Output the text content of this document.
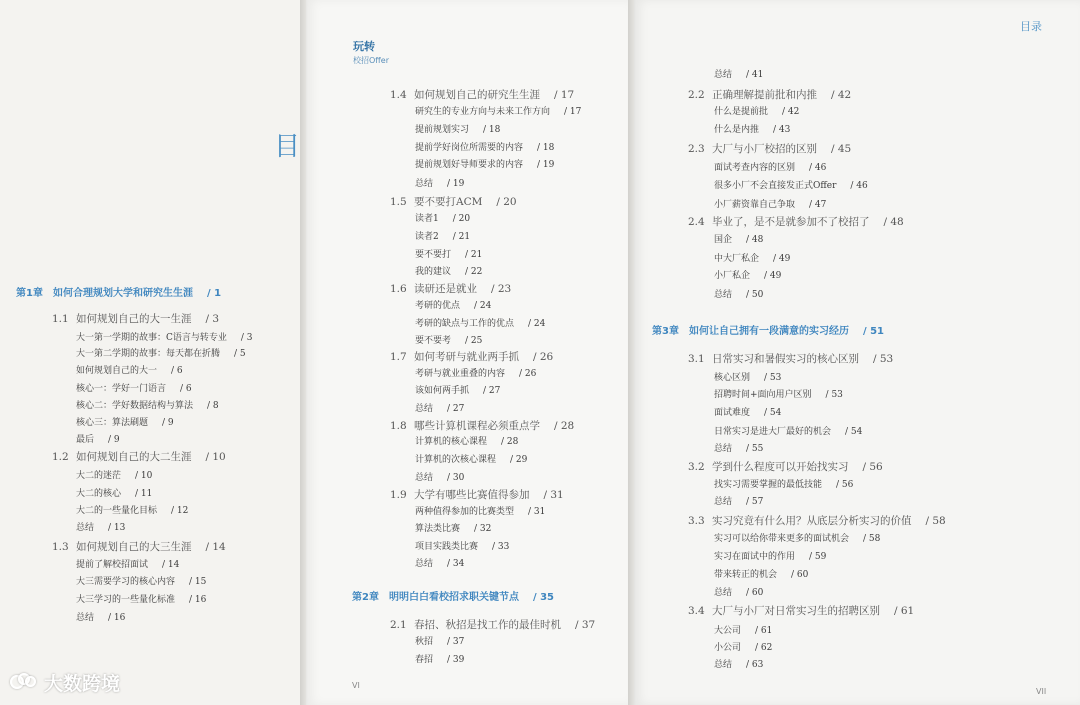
目
玩转
校招Offer
目录
第1章 如何合理规划大学和研究生生涯 / 1
1.1 如何规划自己的大一生涯 / 3
大一第一学期的故事：C语言与转专业 / 3
大一第二学期的故事：每天都在折腾 / 5
如何规划自己的大一 / 6
核心一：学好一门语言 / 6
核心二：学好数据结构与算法 / 8
核心三：算法刷题 / 9
最后 / 9
1.2 如何规划自己的大二生涯 / 10
大二的迷茫 / 10
大二的核心 / 11
大二的一些量化目标 / 12
总结 / 13
1.3 如何规划自己的大三生涯 / 14
提前了解校招面试 / 14
大三需要学习的核心内容 / 15
大三学习的一些量化标准 / 16
总结 / 16
1.4 如何规划自己的研究生生涯 / 17
研究生的专业方向与未来工作方向 / 17
提前规划实习 / 18
提前学好岗位所需要的内容 / 18
提前规划好导师要求的内容 / 19
总结 / 19
1.5 要不要打ACM / 20
读者1 / 20
读者2 / 21
要不要打 / 21
我的建议 / 22
1.6 读研还是就业 / 23
考研的优点 / 24
考研的缺点与工作的优点 / 24
要不要考 / 25
1.7 如何考研与就业两手抓 / 26
考研与就业重叠的内容 / 26
该如何两手抓 / 27
总结 / 27
1.8 哪些计算机课程必须重点学 / 28
计算机的核心课程 / 28
计算机的次核心课程 / 29
总结 / 30
1.9 大学有哪些比赛值得参加 / 31
两种值得参加的比赛类型 / 31
算法类比赛 / 32
项目实践类比赛 / 33
总结 / 34
第2章 明明白白看校招求职关键节点 / 35
2.1 春招、秋招是找工作的最佳时机 / 37
秋招 / 37
春招 / 39
总结 / 41
2.2 正确理解提前批和内推 / 42
什么是提前批 / 42
什么是内推 / 43
2.3 大厂与小厂校招的区别 / 45
面试考查内容的区别 / 46
很多小厂不会直接发正式Offer / 46
小厂薪资靠自己争取 / 47
2.4 毕业了，是不是就参加不了校招了 / 48
国企 / 48
中大厂私企 / 49
小厂私企 / 49
总结 / 50
第3章 如何让自己拥有一段满意的实习经历 / 51
3.1 日常实习和暑假实习的核心区别 / 53
核心区别 / 53
招聘时间+面向用户区别 / 53
面试难度 / 54
日常实习是进大厂最好的机会 / 54
总结 / 55
3.2 学到什么程度可以开始找实习 / 56
找实习需要掌握的最低技能 / 56
总结 / 57
3.3 实习究竟有什么用？从底层分析实习的价值 / 58
实习可以给你带来更多的面试机会 / 58
实习在面试中的作用 / 59
带来转正的机会 / 60
总结 / 60
3.4 大厂与小厂对日常实习生的招聘区别 / 61
大公司 / 61
小公司 / 62
总结 / 63
VI
VII
大数跨境
